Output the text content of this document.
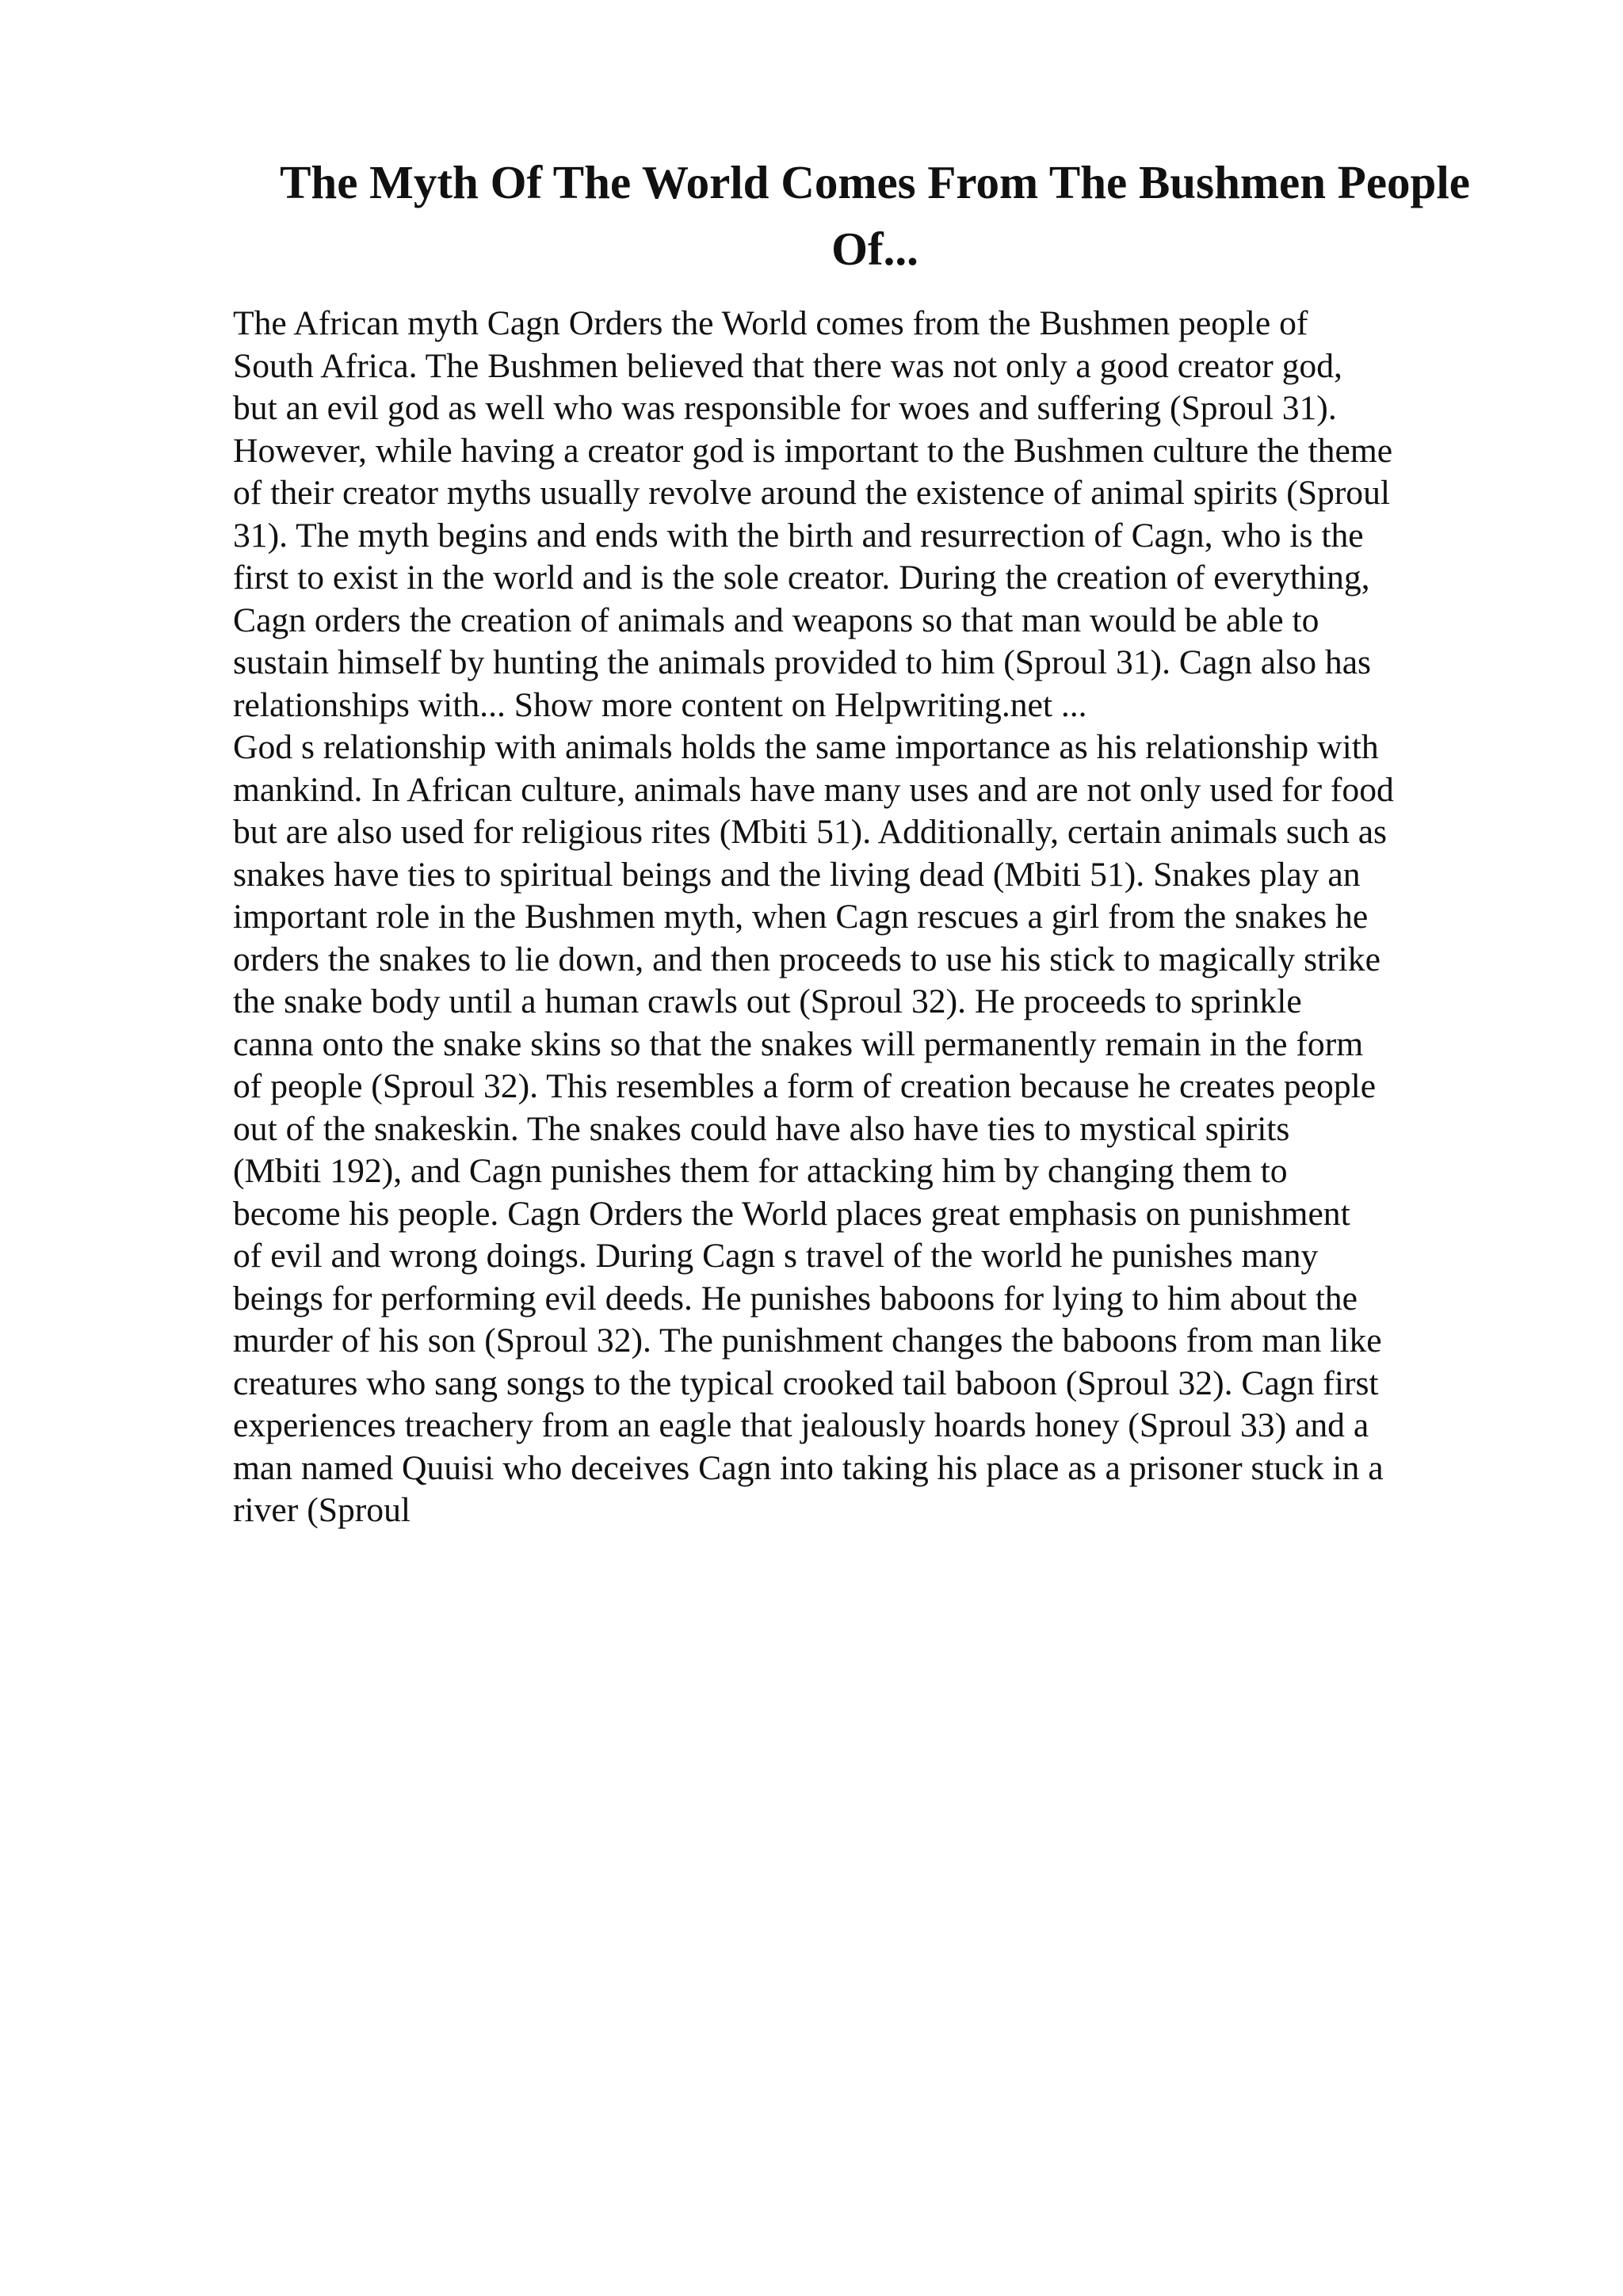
The Myth Of The World Comes From The Bushmen People
Of...
The African myth Cagn Orders the World comes from the Bushmen people of
South Africa. The Bushmen believed that there was not only a good creator god,
but an evil god as well who was responsible for woes and suffering (Sproul 31).
However, while having a creator god is important to the Bushmen culture the theme
of their creator myths usually revolve around the existence of animal spirits (Sproul
31). The myth begins and ends with the birth and resurrection of Cagn, who is the
first to exist in the world and is the sole creator. During the creation of everything,
Cagn orders the creation of animals and weapons so that man would be able to
sustain himself by hunting the animals provided to him (Sproul 31). Cagn also has
relationships with... Show more content on Helpwriting.net ...
God s relationship with animals holds the same importance as his relationship with
mankind. In African culture, animals have many uses and are not only used for food
but are also used for religious rites (Mbiti 51). Additionally, certain animals such as
snakes have ties to spiritual beings and the living dead (Mbiti 51). Snakes play an
important role in the Bushmen myth, when Cagn rescues a girl from the snakes he
orders the snakes to lie down, and then proceeds to use his stick to magically strike
the snake body until a human crawls out (Sproul 32). He proceeds to sprinkle
canna onto the snake skins so that the snakes will permanently remain in the form
of people (Sproul 32). This resembles a form of creation because he creates people
out of the snakeskin. The snakes could have also have ties to mystical spirits
(Mbiti 192), and Cagn punishes them for attacking him by changing them to
become his people. Cagn Orders the World places great emphasis on punishment
of evil and wrong doings. During Cagn s travel of the world he punishes many
beings for performing evil deeds. He punishes baboons for lying to him about the
murder of his son (Sproul 32). The punishment changes the baboons from man like
creatures who sang songs to the typical crooked tail baboon (Sproul 32). Cagn first
experiences treachery from an eagle that jealously hoards honey (Sproul 33) and a
man named Quuisi who deceives Cagn into taking his place as a prisoner stuck in a
river (Sproul
